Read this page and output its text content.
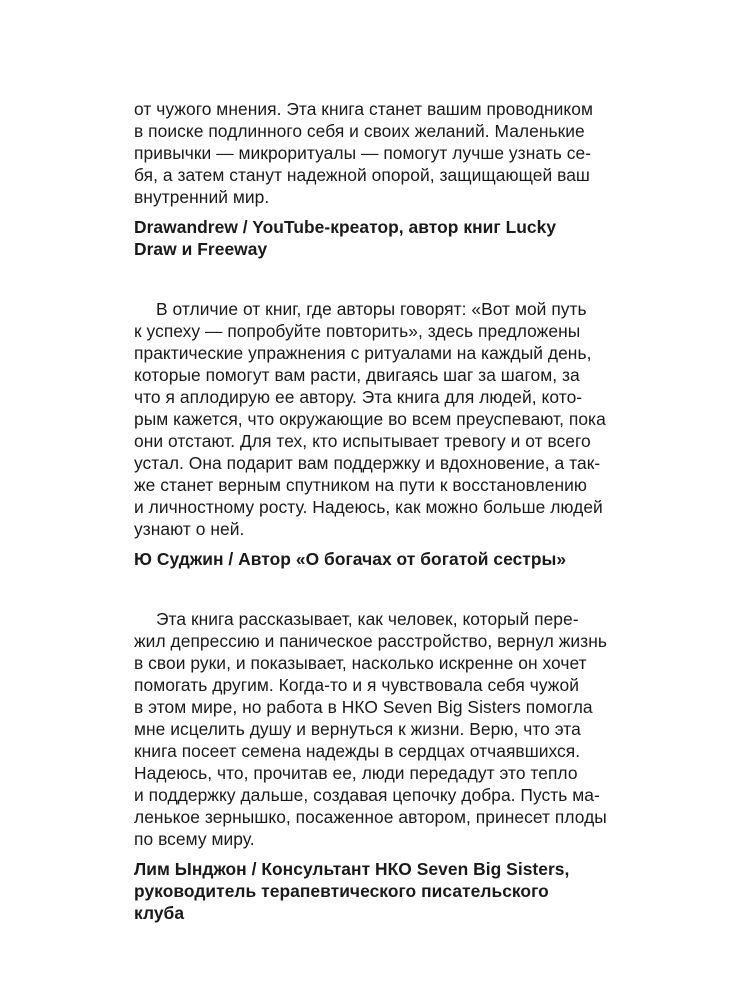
от чужого мнения. Эта книга станет вашим проводником
в поиске подлинного себя и своих желаний. Маленькие
привычки — микроритуалы — помогут лучше узнать се-
бя, а затем станут надежной опорой, защищающей ваш
внутренний мир.
Drawandrew / YouTube-креатор, автор книг Lucky
Draw и Freeway
В отличие от книг, где авторы говорят: «Вот мой путь
к успеху — попробуйте повторить», здесь предложены
практические упражнения с ритуалами на каждый день,
которые помогут вам расти, двигаясь шаг за шагом, за
что я аплодирую ее автору. Эта книга для людей, кото-
рым кажется, что окружающие во всем преуспевают, пока
они отстают. Для тех, кто испытывает тревогу и от всего
устал. Она подарит вам поддержку и вдохновение, а так-
же станет верным спутником на пути к восстановлению
и личностному росту. Надеюсь, как можно больше людей
узнают о ней.
Ю Суджин / Автор «О богачах от богатой сестры»
Эта книга рассказывает, как человек, который пере-
жил депрессию и паническое расстройство, вернул жизнь
в свои руки, и показывает, насколько искренне он хочет
помогать другим. Когда-то и я чувствовала себя чужой
в этом мире, но работа в НКО Seven Big Sisters помогла
мне исцелить душу и вернуться к жизни. Верю, что эта
книга посеет семена надежды в сердцах отчаявшихся.
Надеюсь, что, прочитав ее, люди передадут это тепло
и поддержку дальше, создавая цепочку добра. Пусть ма-
ленькое зернышко, посаженное автором, принесет плоды
по всему миру.
Лим Ынджон / Консультант НКО Seven Big Sisters,
руководитель терапевтического писательского
клуба
